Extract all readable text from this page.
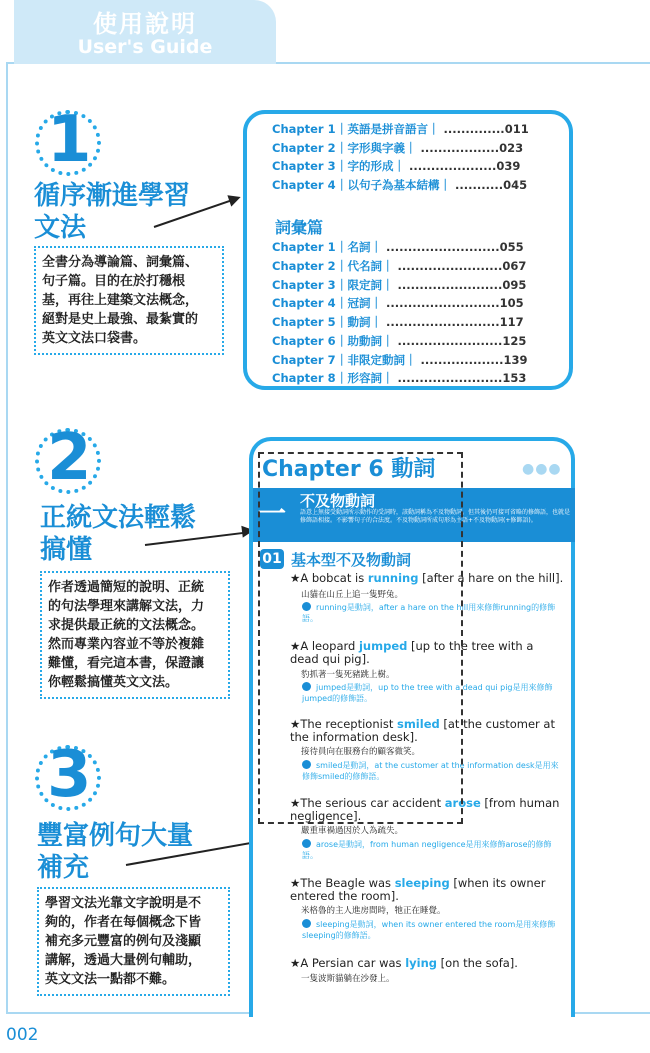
使用說明
User's Guide
1
循序漸進學習
文法
全書分為導論篇、詞彙篇、
句子篇。目的在於打穩根
基，再往上建築文法概念，
絕對是史上最強、最紮實的
英文文法口袋書。
Chapter 1｜英語是拼音語言｜ ..............011
Chapter 2｜字形與字義｜ ..................023
Chapter 3｜字的形成｜ ....................039
Chapter 4｜以句子為基本結構｜ ...........045
詞彙篇
Chapter 1｜名詞｜ ..........................055
Chapter 2｜代名詞｜ ........................067
Chapter 3｜限定詞｜ ........................095
Chapter 4｜冠詞｜ ..........................105
Chapter 5｜動詞｜ ..........................117
Chapter 6｜助動詞｜ ........................125
Chapter 7｜非限定動詞｜ ...................139
Chapter 8｜形容詞｜ ........................153
2
正統文法輕鬆
搞懂
作者透過簡短的說明、正統
的句法學理來講解文法，力
求提供最正統的文法概念。
然而專業內容並不等於複雜
難懂，看完這本書，保證讓
你輕鬆搞懂英文文法。
3
豐富例句大量
補充
學習文法光靠文字說明是不
夠的，作者在每個概念下皆
補充多元豐富的例句及淺顯
講解，透過大量例句輔助，
英文文法一點都不難。
Chapter 6 動詞	●●●
一 不及物動詞
語意上無接受動詞所示動作的受詞時，該動詞稱為不及物動詞。但其後仍可接可省略的修飾語，也就是修飾語相接。不影響句子的合法度。不及物動詞所成句形為主語+不及物動詞(+修飾語)。
01 基本型不及物動詞
★A bobcat is running [after a hare on the hill].
山貓在山丘上追一隻野兔。
running是動詞，after a hare on the hill用來修飾running的修飾語。
★A leopard jumped [up to the tree with a dead qui pig].
豹抓著一隻死豬跳上樹。
jumped是動詞，up to the tree with a dead qui pig是用來修飾jumped的修飾語。
★The receptionist smiled [at the customer at the information desk].
接待員向在服務台的顧客微笑。
smiled是動詞，at the customer at the information desk是用來修飾smiled的修飾語。
★The serious car accident arose [from human negligence].
嚴重車禍過因於人為疏失。
arose是動詞，from human negligence是用來修飾arose的修飾語。
★The Beagle was sleeping [when its owner entered the room].
米格魯的主人進房間時，牠正在睡覺。
sleeping是動詞，when its owner entered the room是用來修飾sleeping的修飾語。
★A Persian car was lying [on the sofa].
一隻波斯貓躺在沙發上。
002
